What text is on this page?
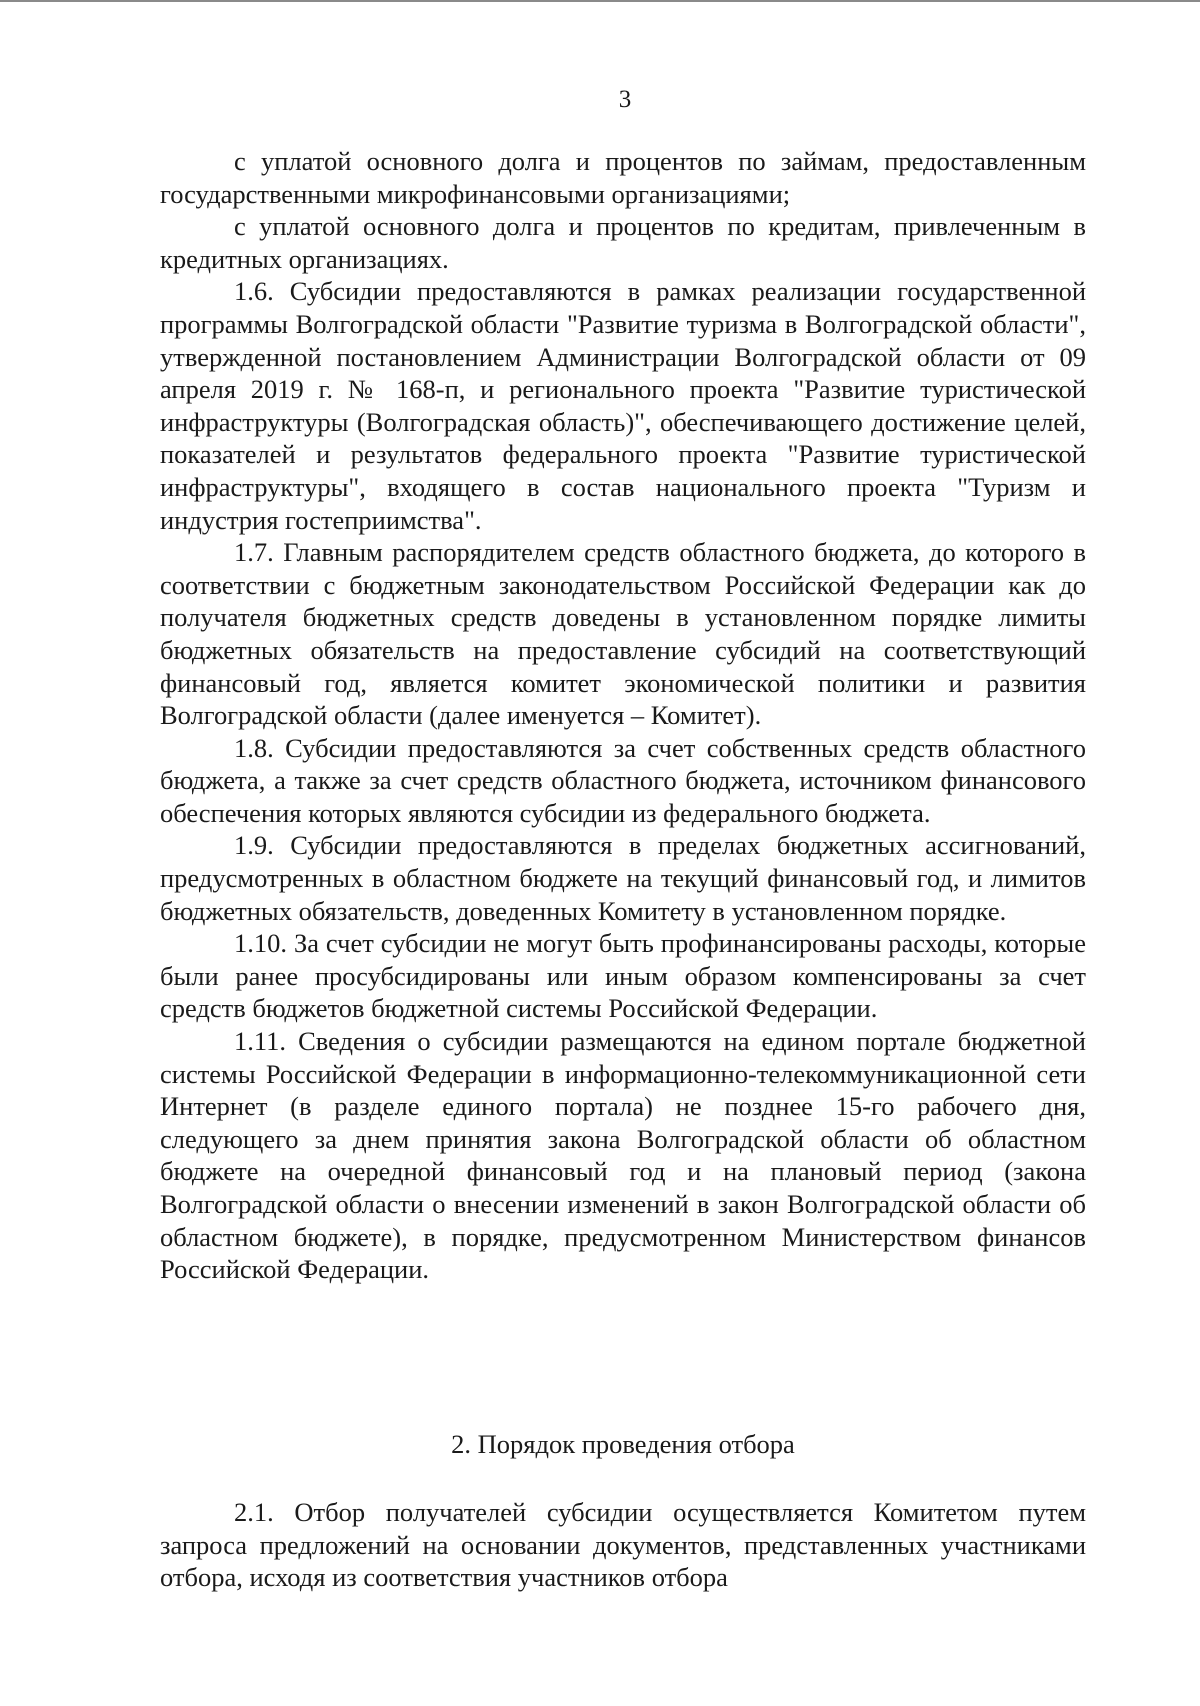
3

с уплатой основного долга и процентов по займам, предоставленным государственными микрофинансовыми организациями;

с уплатой основного долга и процентов по кредитам, привлеченным в кредитных организациях.

1.6. Субсидии предоставляются в рамках реализации государственной программы Волгоградской области "Развитие туризма в Волгоградской области", утвержденной постановлением Администрации Волгоградской области от 09 апреля 2019 г. № 168-п, и регионального проекта "Развитие туристической инфраструктуры (Волгоградская область)", обеспечивающего достижение целей, показателей и результатов федерального проекта "Развитие туристической инфраструктуры", входящего в состав национального проекта "Туризм и индустрия гостеприимства".

1.7. Главным распорядителем средств областного бюджета, до которого в соответствии с бюджетным законодательством Российской Федерации как до получателя бюджетных средств доведены в установленном порядке лимиты бюджетных обязательств на предоставление субсидий на соответствующий финансовый год, является комитет экономической политики и развития Волгоградской области (далее именуется – Комитет).

1.8. Субсидии предоставляются за счет собственных средств областного бюджета, а также за счет средств областного бюджета, источником финансового обеспечения которых являются субсидии из федерального бюджета.

1.9. Субсидии предоставляются в пределах бюджетных ассигнований, предусмотренных в областном бюджете на текущий финансовый год, и лимитов бюджетных обязательств, доведенных Комитету в установленном порядке.

1.10. За счет субсидии не могут быть профинансированы расходы, которые были ранее просубсидированы или иным образом компенсированы за счет средств бюджетов бюджетной системы Российской Федерации.

1.11. Сведения о субсидии размещаются на едином портале бюджетной системы Российской Федерации в информационно-телекоммуникационной сети Интернет (в разделе единого портала) не позднее 15-го рабочего дня, следующего за днем принятия закона Волгоградской области об областном бюджете на очередной финансовый год и на плановый период (закона Волгоградской области о внесении изменений в закон Волгоградской области об областном бюджете), в порядке, предусмотренном Министерством финансов Российской Федерации.

2. Порядок проведения отбора

2.1. Отбор получателей субсидии осуществляется Комитетом путем запроса предложений на основании документов, представленных участниками отбора, исходя из соответствия участников отбора
